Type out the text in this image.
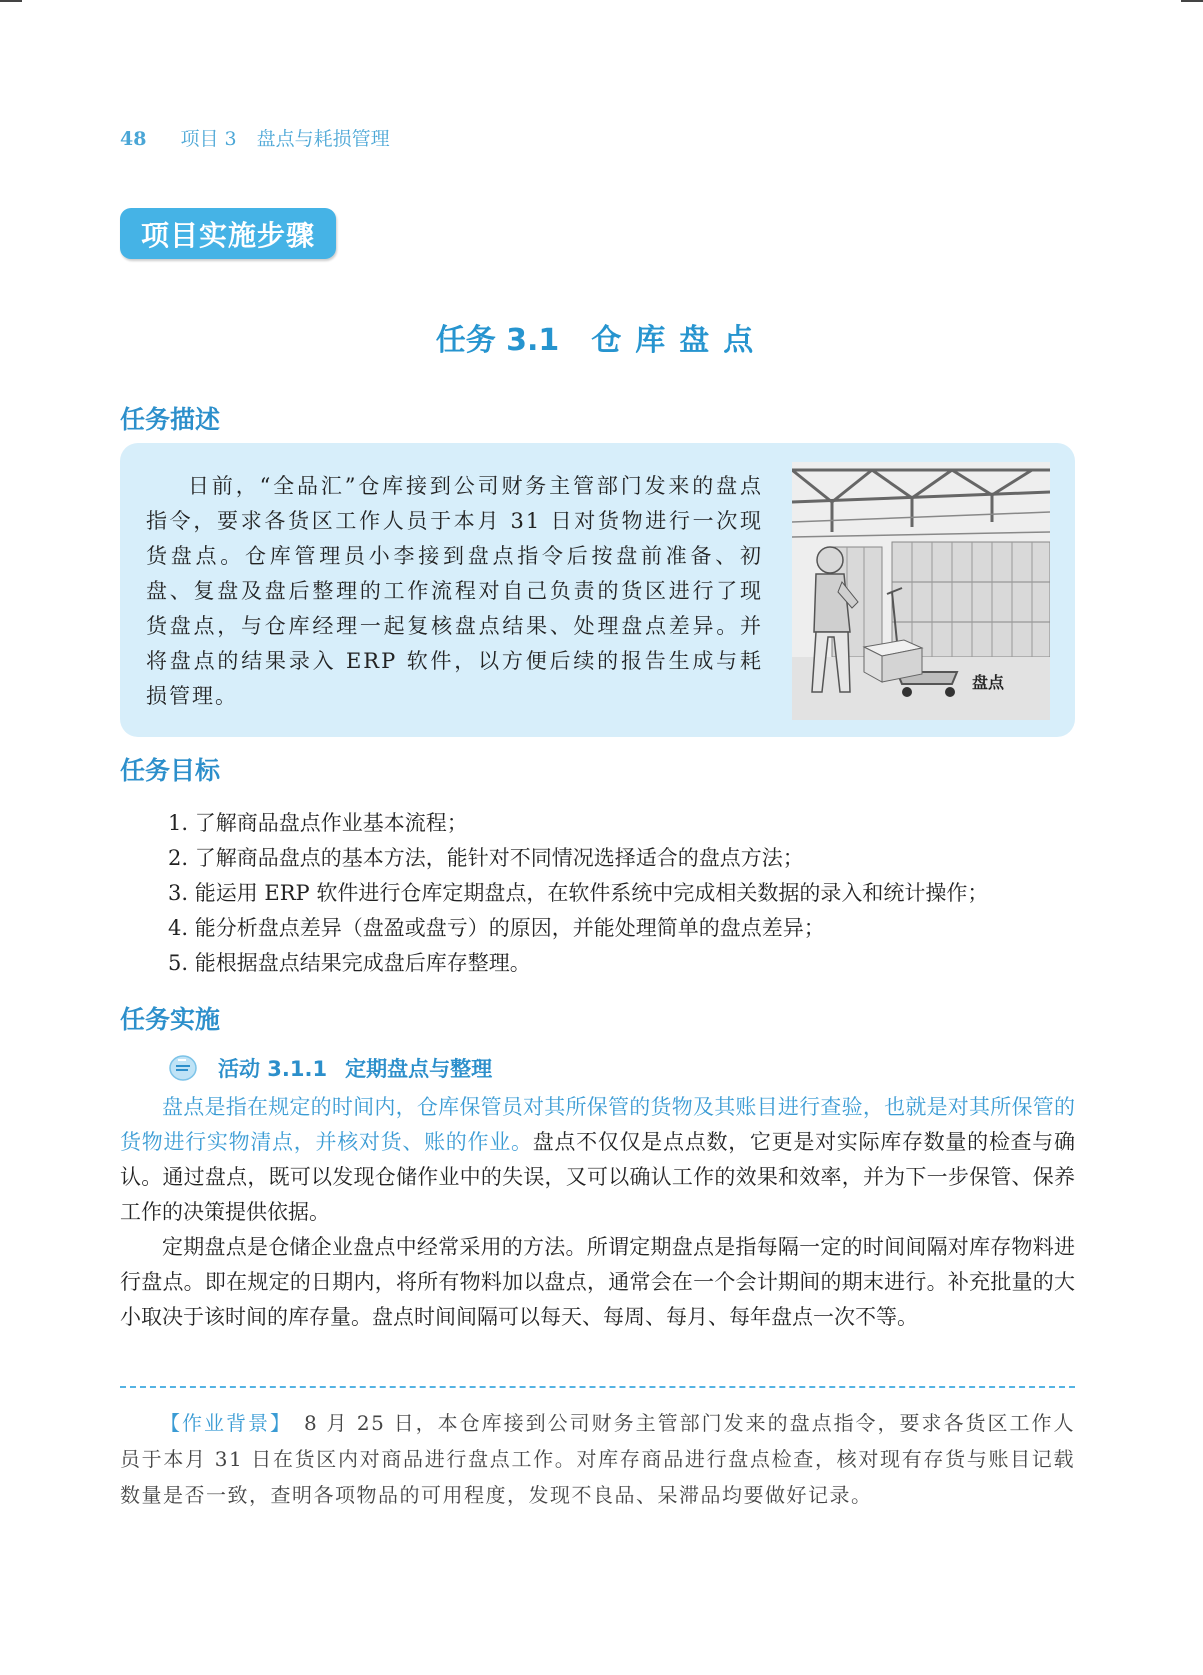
48 项目 3 盘点与耗损管理
项目实施步骤
任务 3.1 仓库盘点
任务描述
日前，“全品汇”仓库接到公司财务主管部门发来的盘点指令，要求各货区工作人员于本月 31 日对货物进行一次现货盘点。仓库管理员小李接到盘点指令后按盘前准备、初盘、复盘及盘后整理的工作流程对自己负责的货区进行了现货盘点，与仓库经理一起复核盘点结果、处理盘点差异。并将盘点的结果录入 ERP 软件，以方便后续的报告生成与耗损管理。
盘点
任务目标
1. 了解商品盘点作业基本流程；
2. 了解商品盘点的基本方法，能针对不同情况选择适合的盘点方法；
3. 能运用 ERP 软件进行仓库定期盘点，在软件系统中完成相关数据的录入和统计操作；
4. 能分析盘点差异（盘盈或盘亏）的原因，并能处理简单的盘点差异；
5. 能根据盘点结果完成盘后库存整理。
任务实施
活动 3.1.1 定期盘点与整理

盘点是指在规定的时间内，仓库保管员对其所保管的货物及其账目进行查验，也就是对其所保管的货物进行实物清点，并核对货、账的作业。盘点不仅仅是点点数，它更是对实际库存数量的检查与确认。通过盘点，既可以发现仓储作业中的失误，又可以确认工作的效果和效率，并为下一步保管、保养工作的决策提供依据。

定期盘点是仓储企业盘点中经常采用的方法。所谓定期盘点是指每隔一定的时间间隔对库存物料进行盘点。即在规定的日期内，将所有物料加以盘点，通常会在一个会计期间的期末进行。补充批量的大小取决于该时间的库存量。盘点时间间隔可以每天、每周、每月、每年盘点一次不等。

【作业背景】 8 月 25 日，本仓库接到公司财务主管部门发来的盘点指令，要求各货区工作人员于本月 31 日在货区内对商品进行盘点工作。对库存商品进行盘点检查，核对现有存货与账目记载数量是否一致，查明各项物品的可用程度，发现不良品、呆滞品均要做好记录。
